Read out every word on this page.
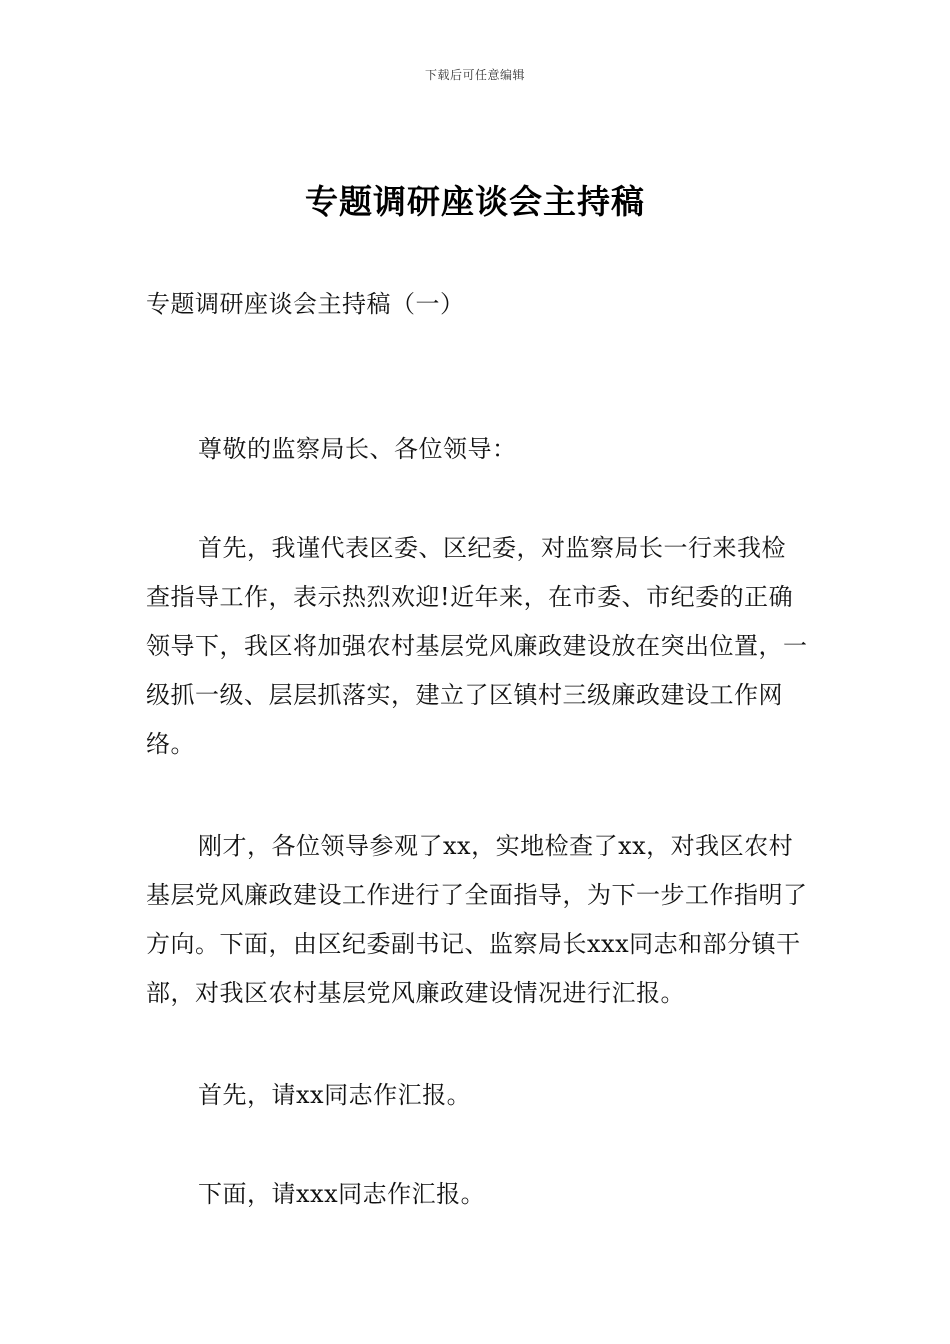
下载后可任意编辑
专题调研座谈会主持稿
专题调研座谈会主持稿（一）

尊敬的监察局长、各位领导：

首先，我谨代表区委、区纪委，对监察局长一行来我检查指导工作，表示热烈欢迎!近年来，在市委、市纪委的正确领导下，我区将加强农村基层党风廉政建设放在突出位置，一级抓一级、层层抓落实，建立了区镇村三级廉政建设工作网络。

刚才，各位领导参观了xx，实地检查了xx，对我区农村基层党风廉政建设工作进行了全面指导，为下一步工作指明了方向。下面，由区纪委副书记、监察局长xxx同志和部分镇干部，对我区农村基层党风廉政建设情况进行汇报。

首先，请xx同志作汇报。

下面，请xxx同志作汇报。
